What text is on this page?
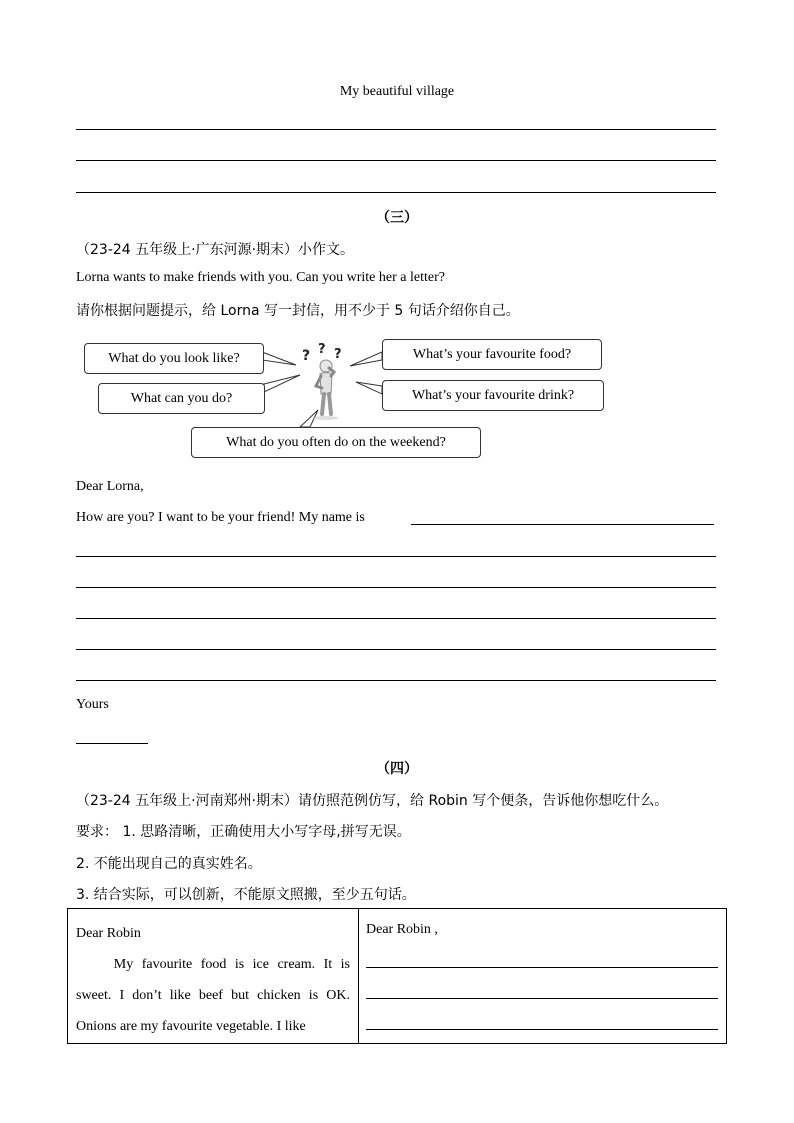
My beautiful village
（三）
（23-24 五年级上·广东河源·期末）小作文。
Lorna wants to make friends with you. Can you write her a letter?
请你根据问题提示，给 Lorna 写一封信，用不少于 5 句话介绍你自己。
What do you look like?
What can you do?
What do you often do on the weekend?
What’s your favourite food?
What’s your favourite drink?
? ? ?
Dear Lorna,
How are you? I want to be your friend! My name is
Yours
（四）
（23-24 五年级上·河南郑州·期末）请仿照范例仿写，给 Robin 写个便条，告诉他你想吃什么。
要求： 1. 思路清晰，正确使用大小写字母,拼写无误。
2. 不能出现自己的真实姓名。
3. 结合实际，可以创新，不能原文照搬，至少五句话。

Dear Robin

My favourite food is ice cream. It is sweet. I don’t like beef but chicken is OK. Onions are my favourite vegetable. I like

Dear Robin ,
